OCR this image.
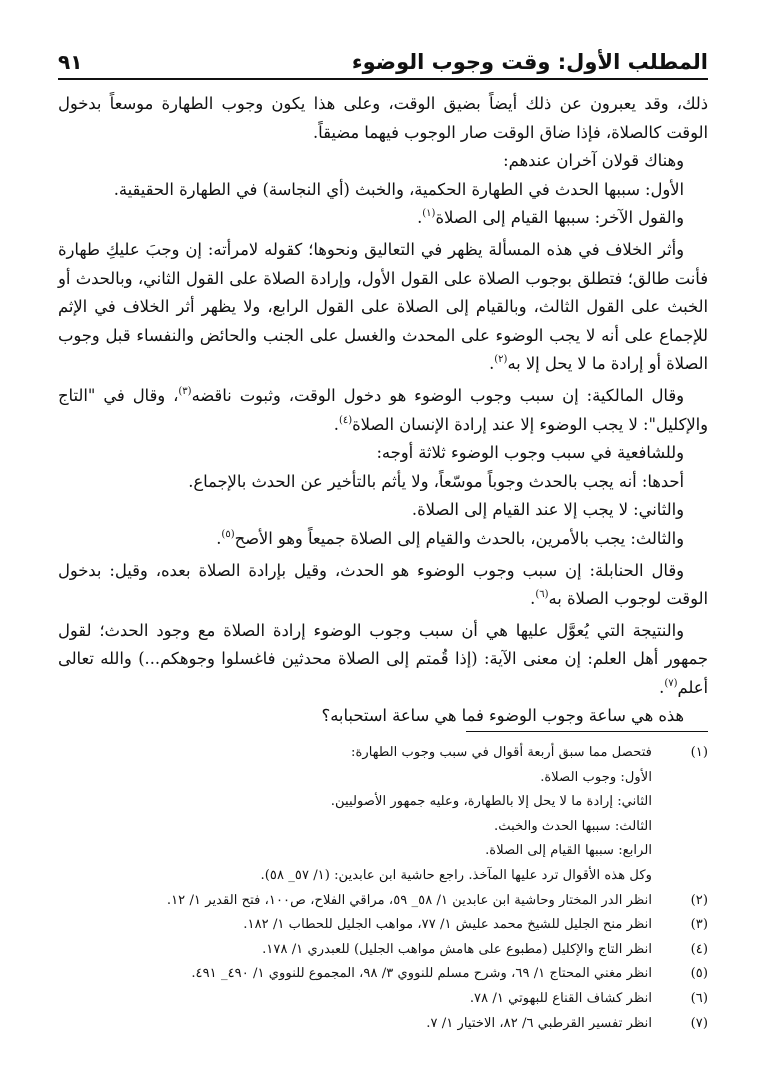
المطلب الأول: وقت وجوب الوضوء
٩١

ذلك، وقد يعبرون عن ذلك أيضاً بضيق الوقت، وعلى هذا يكون وجوب الطهارة موسعاً بدخول الوقت كالصلاة، فإذا ضاق الوقت صار الوجوب فيهما مضيقاً.

وهناك قولان آخران عندهم:

الأول: سببها الحدث في الطهارة الحكمية، والخبث (أي النجاسة) في الطهارة الحقيقية.

والقول الآخر: سببها القيام إلى الصلاة$^{(١)}$.

وأثر الخلاف في هذه المسألة يظهر في التعاليق ونحوها؛ كقوله لامرأته: إن وجبَ عليكِ طهارة فأنت طالق؛ فتطلق بوجوب الصلاة على القول الأول، وإرادة الصلاة على القول الثاني، وبالحدث أو الخبث على القول الثالث، وبالقيام إلى الصلاة على القول الرابع، ولا يظهر أثر الخلاف في الإثم للإجماع على أنه لا يجب الوضوء على المحدث والغسل على الجنب والحائض والنفساء قبل وجوب الصلاة أو إرادة ما لا يحل إلا به$^{(٢)}$.

وقال المالكية: إن سبب وجوب الوضوء هو دخول الوقت، وثبوت ناقضه$^{(٣)}$، وقال في "التاج والإكليل": لا يجب الوضوء إلا عند إرادة الإنسان الصلاة$^{(٤)}$.

وللشافعية في سبب وجوب الوضوء ثلاثة أوجه:

أحدها: أنه يجب بالحدث وجوباً موسّعاً، ولا يأثم بالتأخير عن الحدث بالإجماع.

والثاني: لا يجب إلا عند القيام إلى الصلاة.

والثالث: يجب بالأمرين، بالحدث والقيام إلى الصلاة جميعاً وهو الأصح$^{(٥)}$.

وقال الحنابلة: إن سبب وجوب الوضوء هو الحدث، وقيل بإرادة الصلاة بعده، وقيل: بدخول الوقت لوجوب الصلاة به$^{(٦)}$.

والنتيجة التي يُعوَّل عليها هي أن سبب وجوب الوضوء إرادة الصلاة مع وجود الحدث؛ لقول جمهور أهل العلم: إن معنى الآية: (إذا قُمتم إلى الصلاة محدثين فاغسلوا وجوهكم...) والله تعالى أعلم$^{(٧)}$.

هذه هي ساعة وجوب الوضوء فما هي ساعة استحبابه؟

(١)
فتحصل مما سبق أربعة أقوال في سبب وجوب الطهارة:
الأول: وجوب الصلاة.
الثاني: إرادة ما لا يحل إلا بالطهارة، وعليه جمهور الأصوليين.
الثالث: سببها الحدث والخبث.
الرابع: سببها القيام إلى الصلاة.
وكل هذه الأقوال ترد عليها المآخذ. راجع حاشية ابن عابدين: (١/ ٥٧_ ٥٨).
(٢)
انظر الدر المختار وحاشية ابن عابدين ١/ ٥٨_ ٥٩، مراقي الفلاح، ص١٠٠، فتح القدير ١/ ١٢.
(٣)
انظر منح الجليل للشيخ محمد عليش ١/ ٧٧، مواهب الجليل للحطاب ١/ ١٨٢.
(٤)
انظر التاج والإكليل (مطبوع على هامش مواهب الجليل) للعبدري ١/ ١٧٨.
(٥)
انظر مغني المحتاج ١/ ٦٩، وشرح مسلم للنووي ٣/ ٩٨، المجموع للنووي ١/ ٤٩٠_ ٤٩١.
(٦)
انظر كشاف القناع للبهوتي ١/ ٧٨.
(٧)
انظر تفسير القرطبي ٦/ ٨٢، الاختيار ١/ ٧.
